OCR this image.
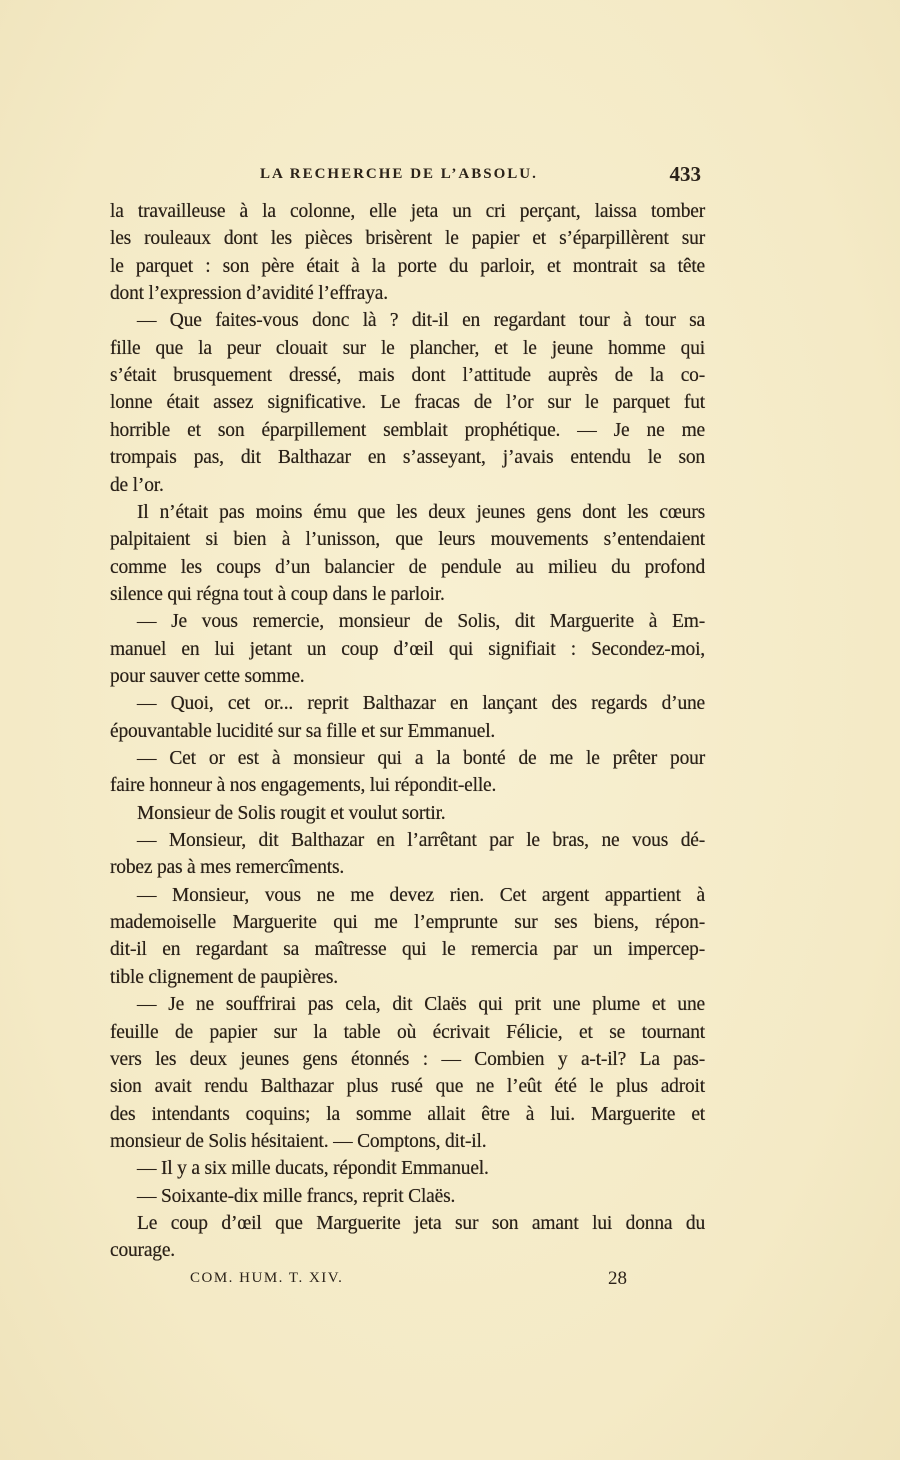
LA RECHERCHE DE L’ABSOLU.	433
la travailleuse à la colonne, elle jeta un cri perçant, laissa tomber
les rouleaux dont les pièces brisèrent le papier et s’éparpillèrent sur
le parquet : son père était à la porte du parloir, et montrait sa tête
dont l’expression d’avidité l’effraya.
— Que faites-vous donc là ? dit-il en regardant tour à tour sa
fille que la peur clouait sur le plancher, et le jeune homme qui
s’était brusquement dressé, mais dont l’attitude auprès de la co-
lonne était assez significative. Le fracas de l’or sur le parquet fut
horrible et son éparpillement semblait prophétique. — Je ne me
trompais pas, dit Balthazar en s’asseyant, j’avais entendu le son
de l’or.
Il n’était pas moins ému que les deux jeunes gens dont les cœurs
palpitaient si bien à l’unisson, que leurs mouvements s’entendaient
comme les coups d’un balancier de pendule au milieu du profond
silence qui régna tout à coup dans le parloir.
— Je vous remercie, monsieur de Solis, dit Marguerite à Em-
manuel en lui jetant un coup d’œil qui signifiait : Secondez-moi,
pour sauver cette somme.
— Quoi, cet or... reprit Balthazar en lançant des regards d’une
épouvantable lucidité sur sa fille et sur Emmanuel.
— Cet or est à monsieur qui a la bonté de me le prêter pour
faire honneur à nos engagements, lui répondit-elle.
Monsieur de Solis rougit et voulut sortir.
— Monsieur, dit Balthazar en l’arrêtant par le bras, ne vous dé-
robez pas à mes remercîments.
— Monsieur, vous ne me devez rien. Cet argent appartient à
mademoiselle Marguerite qui me l’emprunte sur ses biens, répon-
dit-il en regardant sa maîtresse qui le remercia par un impercep-
tible clignement de paupières.
— Je ne souffrirai pas cela, dit Claës qui prit une plume et une
feuille de papier sur la table où écrivait Félicie, et se tournant
vers les deux jeunes gens étonnés : — Combien y a-t-il? La pas-
sion avait rendu Balthazar plus rusé que ne l’eût été le plus adroit
des intendants coquins; la somme allait être à lui. Marguerite et
monsieur de Solis hésitaient. — Comptons, dit-il.
— Il y a six mille ducats, répondit Emmanuel.
— Soixante-dix mille francs, reprit Claës.
Le coup d’œil que Marguerite jeta sur son amant lui donna du
courage.
COM. HUM. T. XIV.	28
